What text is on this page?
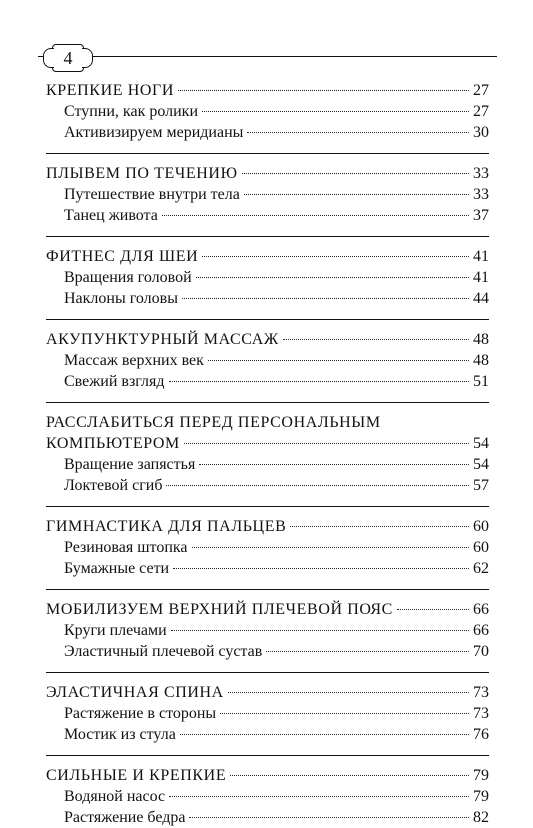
4
КРЕПКИЕ НОГИ	27
Ступни, как ролики	27
Активизируем меридианы	30
ПЛЫВЕМ ПО ТЕЧЕНИЮ	33
Путешествие внутри тела	33
Танец живота	37
ФИТНЕС ДЛЯ ШЕИ	41
Вращения головой	41
Наклоны головы	44
АКУПУНКТУРНЫЙ МАССАЖ	48
Массаж верхних век	48
Свежий взгляд	51
РАССЛАБИТЬСЯ ПЕРЕД ПЕРСОНАЛЬНЫМ
КОМПЬЮТЕРОМ	54
Вращение запястья	54
Локтевой сгиб	57
ГИМНАСТИКА ДЛЯ ПАЛЬЦЕВ	60
Резиновая штопка	60
Бумажные сети	62
МОБИЛИЗУЕМ ВЕРХНИЙ ПЛЕЧЕВОЙ ПОЯС	66
Круги плечами	66
Эластичный плечевой сустав	70
ЭЛАСТИЧНАЯ СПИНА	73
Растяжение в стороны	73
Мостик из стула	76
СИЛЬНЫЕ И КРЕПКИЕ	79
Водяной насос	79
Растяжение бедра	82
